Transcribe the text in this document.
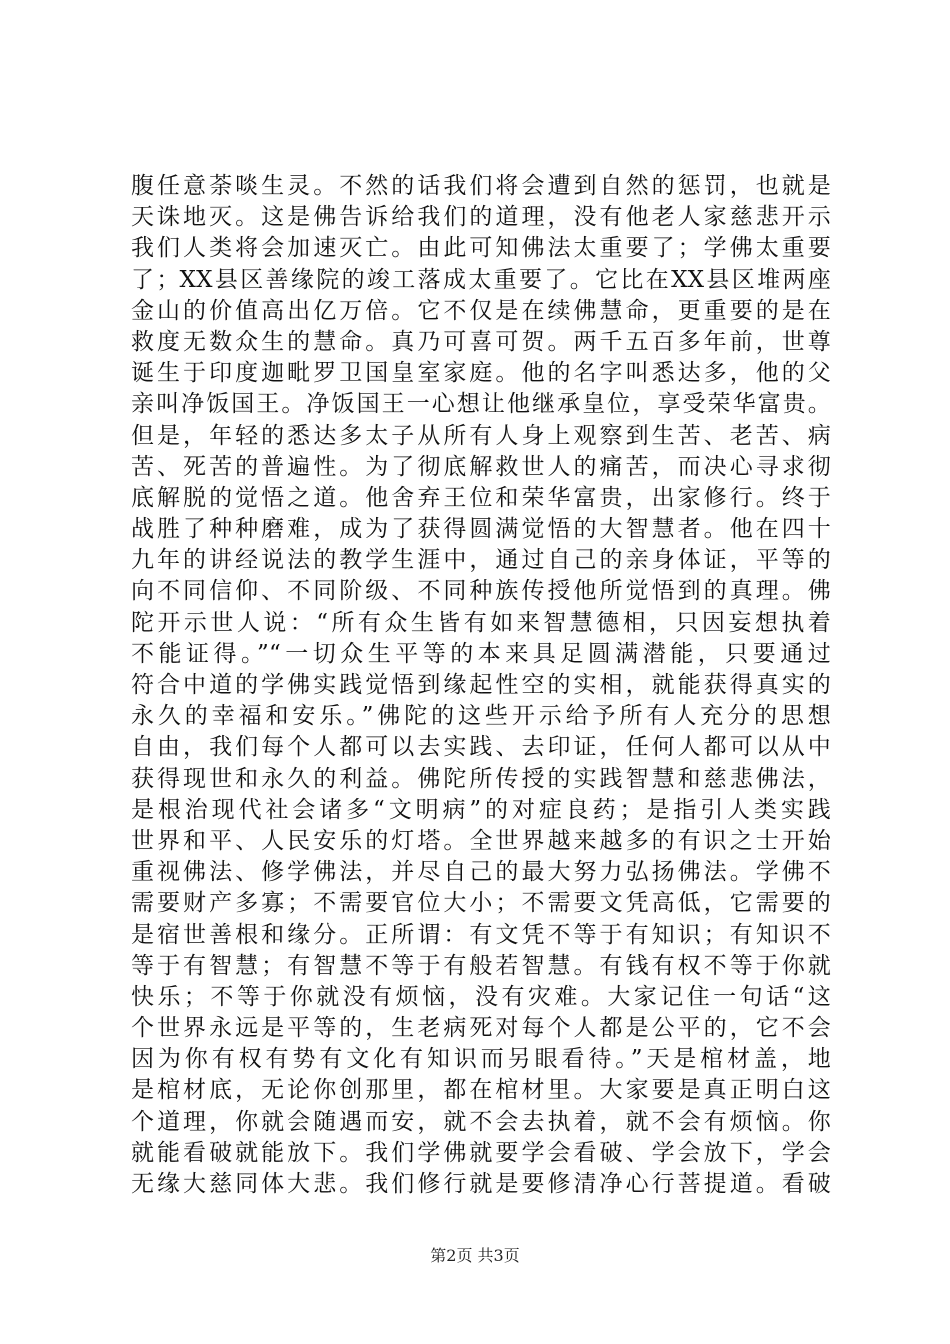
腹任意荼啖生灵。不然的话我们将会遭到自然的惩罚，也就是
天诛地灭。这是佛告诉给我们的道理，没有他老人家慈悲开示
我们人类将会加速灭亡。由此可知佛法太重要了；学佛太重要
了；XX县区善缘院的竣工落成太重要了。它比在XX县区堆两座
金山的价值高出亿万倍。它不仅是在续佛慧命，更重要的是在
救度无数众生的慧命。真乃可喜可贺。两千五百多年前，世尊
诞生于印度迦毗罗卫国皇室家庭。他的名字叫悉达多，他的父
亲叫净饭国王。净饭国王一心想让他继承皇位，享受荣华富贵。
但是，年轻的悉达多太子从所有人身上观察到生苦、老苦、病
苦、死苦的普遍性。为了彻底解救世人的痛苦，而决心寻求彻
底解脱的觉悟之道。他舍弃王位和荣华富贵，出家修行。终于
战胜了种种磨难，成为了获得圆满觉悟的大智慧者。他在四十
九年的讲经说法的教学生涯中，通过自己的亲身体证，平等的
向不同信仰、不同阶级、不同种族传授他所觉悟到的真理。佛
陀开示世人说：“所有众生皆有如来智慧德相，只因妄想执着
不能证得。”“一切众生平等的本来具足圆满潜能，只要通过
符合中道的学佛实践觉悟到缘起性空的实相，就能获得真实的
永久的幸福和安乐。”佛陀的这些开示给予所有人充分的思想
自由，我们每个人都可以去实践、去印证，任何人都可以从中
获得现世和永久的利益。佛陀所传授的实践智慧和慈悲佛法，
是根治现代社会诸多“文明病”的对症良药；是指引人类实践
世界和平、人民安乐的灯塔。全世界越来越多的有识之士开始
重视佛法、修学佛法，并尽自己的最大努力弘扬佛法。学佛不
需要财产多寡；不需要官位大小；不需要文凭高低，它需要的
是宿世善根和缘分。正所谓：有文凭不等于有知识；有知识不
等于有智慧；有智慧不等于有般若智慧。有钱有权不等于你就
快乐；不等于你就没有烦恼，没有灾难。大家记住一句话“这
个世界永远是平等的，生老病死对每个人都是公平的，它不会
因为你有权有势有文化有知识而另眼看待。”天是棺材盖，地
是棺材底，无论你创那里，都在棺材里。大家要是真正明白这
个道理，你就会随遇而安，就不会去执着，就不会有烦恼。你
就能看破就能放下。我们学佛就要学会看破、学会放下，学会
无缘大慈同体大悲。我们修行就是要修清净心行菩提道。看破
第2页 共3页
